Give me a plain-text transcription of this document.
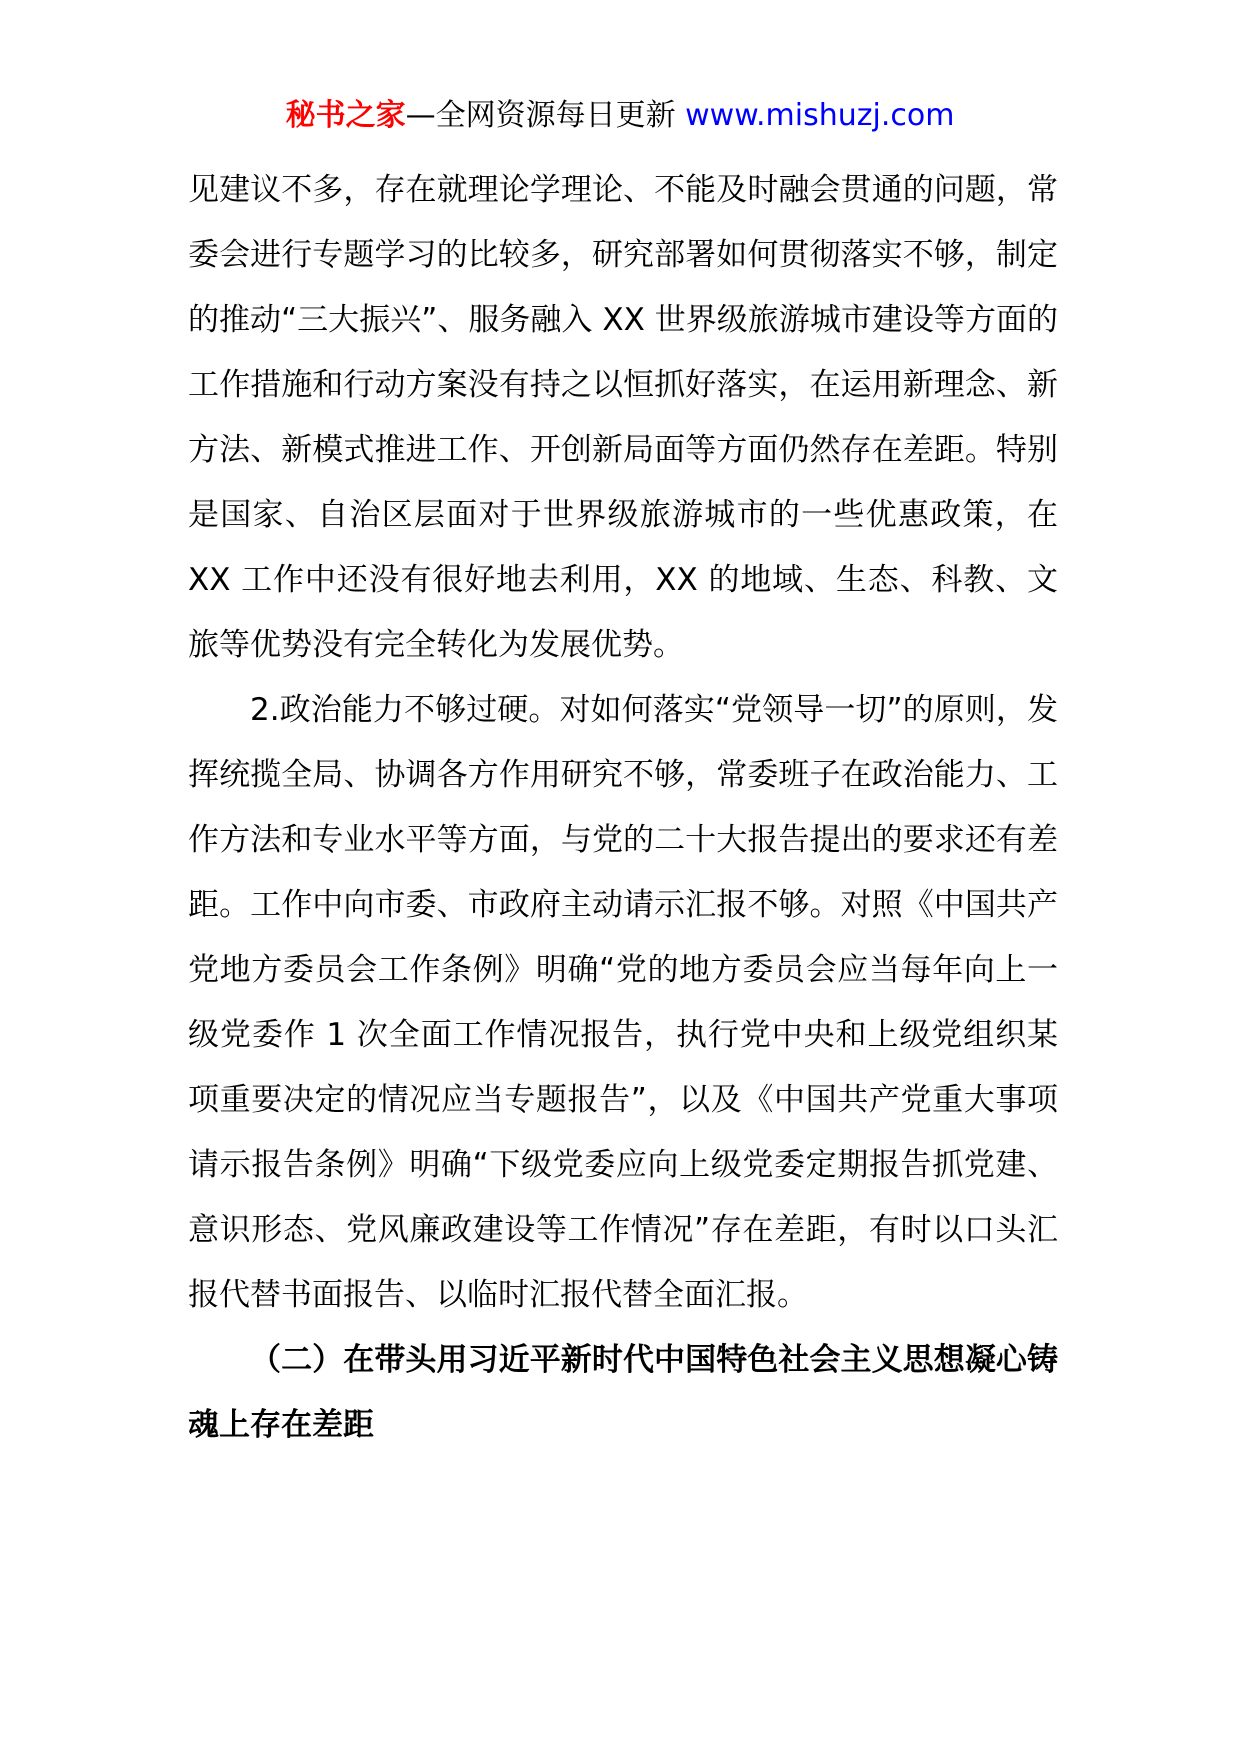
秘书之家—全网资源每日更新 www.mishuzj.com

见建议不多，存在就理论学理论、不能及时融会贯通的问题，常委会进行专题学习的比较多，研究部署如何贯彻落实不够，制定的推动“三大振兴”、服务融入 XX 世界级旅游城市建设等方面的工作措施和行动方案没有持之以恒抓好落实，在运用新理念、新方法、新模式推进工作、开创新局面等方面仍然存在差距。特别是国家、自治区层面对于世界级旅游城市的一些优惠政策，在 XX 工作中还没有很好地去利用，XX 的地域、生态、科教、文旅等优势没有完全转化为发展优势。

2.政治能力不够过硬。对如何落实“党领导一切”的原则，发挥统揽全局、协调各方作用研究不够，常委班子在政治能力、工作方法和专业水平等方面，与党的二十大报告提出的要求还有差距。工作中向市委、市政府主动请示汇报不够。对照《中国共产党地方委员会工作条例》明确“党的地方委员会应当每年向上一级党委作 1 次全面工作情况报告，执行党中央和上级党组织某项重要决定的情况应当专题报告”，以及《中国共产党重大事项请示报告条例》明确“下级党委应向上级党委定期报告抓党建、意识形态、党风廉政建设等工作情况”存在差距，有时以口头汇报代替书面报告、以临时汇报代替全面汇报。

（二）在带头用习近平新时代中国特色社会主义思想凝心铸魂上存在差距
